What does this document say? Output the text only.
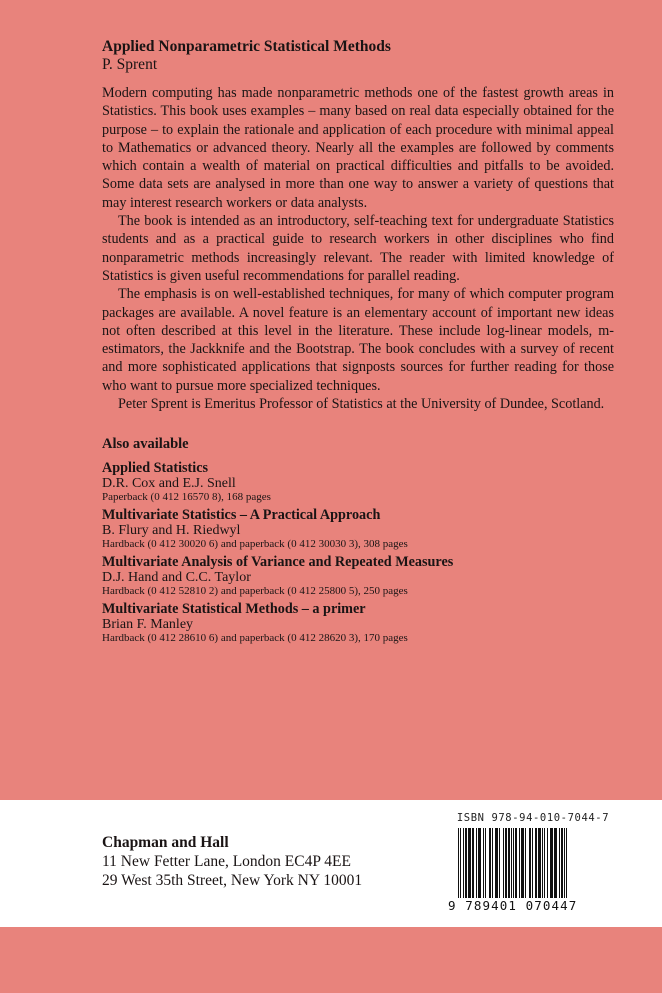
Applied Nonparametric Statistical Methods
P. Sprent

Modern computing has made nonparametric methods one of the fastest growth areas in Statistics. This book uses examples – many based on real data especially obtained for the purpose – to explain the rationale and application of each procedure with minimal appeal to Mathematics or advanced theory. Nearly all the examples are followed by comments which contain a wealth of material on practical difficulties and pitfalls to be avoided. Some data sets are analysed in more than one way to answer a variety of questions that may interest research workers or data analysts.

The book is intended as an introductory, self-teaching text for undergraduate Statistics students and as a practical guide to research workers in other disciplines who find nonparametric methods increasingly relevant. The reader with limited knowledge of Statistics is given useful recommendations for parallel reading.

The emphasis is on well-established techniques, for many of which computer program packages are available. A novel feature is an elementary account of important new ideas not often described at this level in the literature. These include log-linear models, m-estimators, the Jackknife and the Bootstrap. The book concludes with a survey of recent and more sophisticated applications that signposts sources for further reading for those who want to pursue more specialized techniques.

Peter Sprent is Emeritus Professor of Statistics at the University of Dundee, Scotland.

Also available
Applied Statistics
D.R. Cox and E.J. Snell
Paperback (0 412 16570 8), 168 pages
Multivariate Statistics – A Practical Approach
B. Flury and H. Riedwyl
Hardback (0 412 30020 6) and paperback (0 412 30030 3), 308 pages
Multivariate Analysis of Variance and Repeated Measures
D.J. Hand and C.C. Taylor
Hardback (0 412 52810 2) and paperback (0 412 25800 5), 250 pages
Multivariate Statistical Methods – a primer
Brian F. Manley
Hardback (0 412 28610 6) and paperback (0 412 28620 3), 170 pages
Chapman and Hall
11 New Fetter Lane, London EC4P 4EE
29 West 35th Street, New York NY 10001
ISBN 978-94-010-7044-7
9 789401 070447
